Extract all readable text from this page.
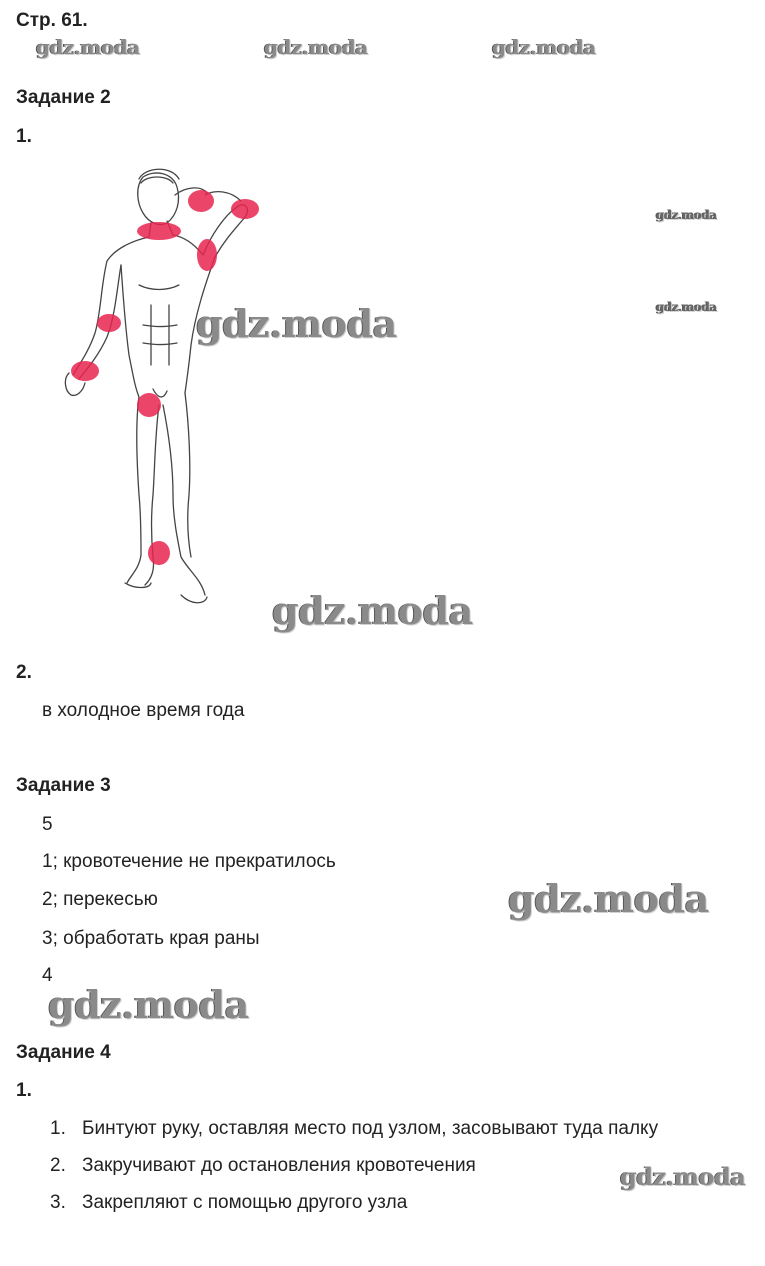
Стр. 61.
gdz.moda	gdz.moda	gdz.moda
Задание 2
1.
gdz.moda
gdz.moda
gdz.moda
gdz.moda
2.
в холодное время года
Задание 3
5
1; кровотечение не прекратилось
2; перекесью
3; обработать края раны
4
gdz.moda
gdz.moda
Задание 4
1.
1. Бинтуют руку, оставляя место под узлом, засовывают туда палку
2. Закручивают до остановления кровотечения
3. Закрепляют с помощью другого узла
gdz.moda
